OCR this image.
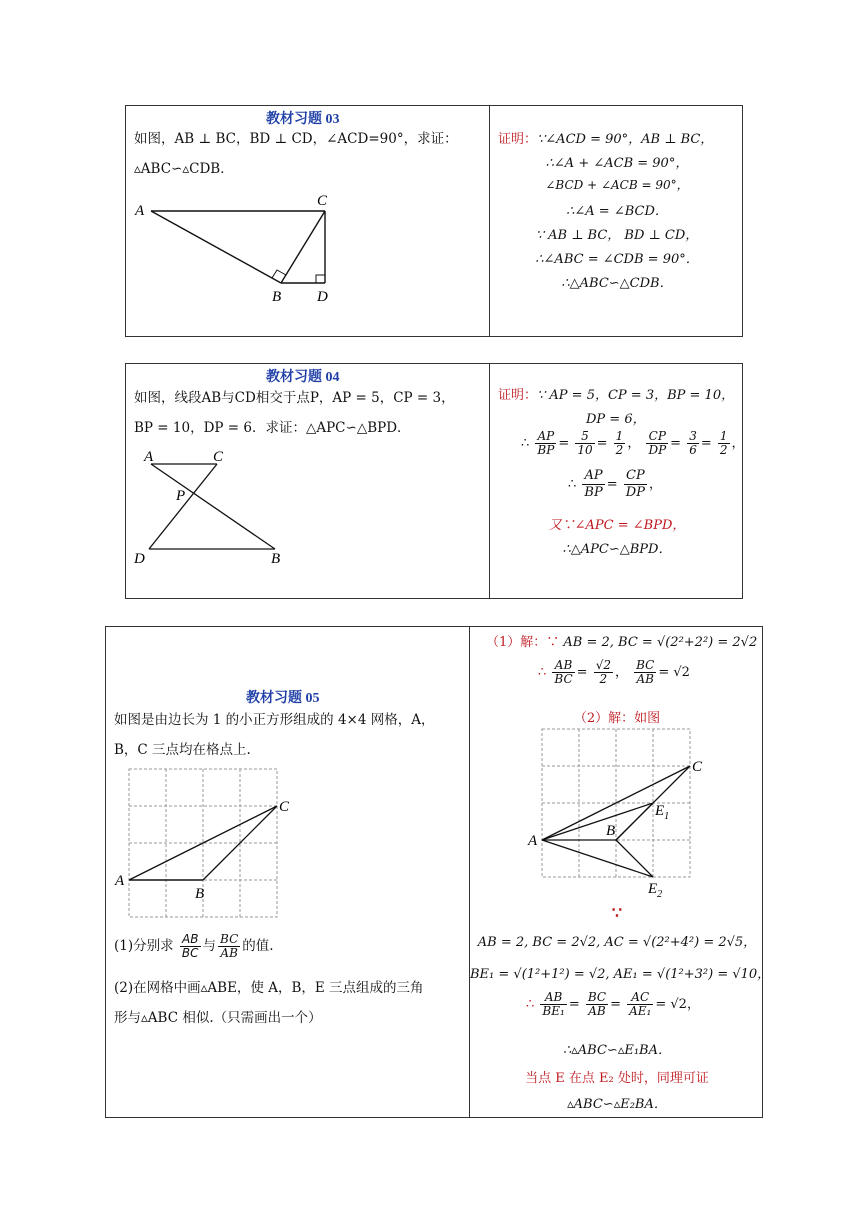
教材习题 03
如图，AB ⊥ BC，BD ⊥ CD，∠ACD=90°，求证：
▵ABC∽▵CDB．
A
C
B D
证明：∵∠ACD = 90°，AB ⊥ BC，
∴∠A + ∠ACB = 90°，
∠BCD + ∠ACB = 90°，
∴∠A = ∠BCD．
∵ AB ⊥ BC， BD ⊥ CD，
∴∠ABC = ∠CDB = 90°．
∴△ABC∽△CDB．
教材习题 04
如图，线段AB与CD相交于点P，AP = 5，CP = 3，
BP = 10，DP = 6．求证：△APC∽△BPD．
A	C
P
D	B
证明：∵ AP = 5，CP = 3，BP = 10，
DP = 6，
∴ $\frac{AP}{BP} = \frac{5}{10} = \frac{1}{2}$ ， $\frac{CP}{DP} = \frac{3}{6} = \frac{1}{2}$ ，
∴ $\frac{AP}{BP} = \frac{CP}{DP}$ ，
又∵∠APC = ∠BPD，
∴△APC∽△BPD．
教材习题 05
如图是由边长为 1 的小正方形组成的 4×4 网格，A，
B，C 三点均在格点上.
A
B
C
(1)分别求 $\frac{AB}{BC}$ 与 $\frac{BC}{AB}$ 的值.
(2)在网格中画▵ABE，使 A，B，E 三点组成的三角
形与▵ABC 相似.（只需画出一个）
（1）解：∵ AB = 2, BC = √(2²+2²) = 2√2
∴ $\frac{AB}{BC} = \frac{√2}{2}$ ， $\frac{BC}{AB} = √2$
（2）解：如图
A
B
C
$E_1$
$E_2$
∵
AB = 2, BC = 2√2, AC = √(2²+4²) = 2√5，
BE₁ = √(1²+1²) = √2, AE₁ = √(1²+3²) = √10，
∴ $\frac{AB}{\text{BE₁}} = \frac{BC}{AB} = \frac{AC}{\text{AE₁}} = √2$，
∴▵ABC∽▵E₁BA．
当点 E 在点 E₂ 处时，同理可证
▵ABC∽▵E₂BA．
